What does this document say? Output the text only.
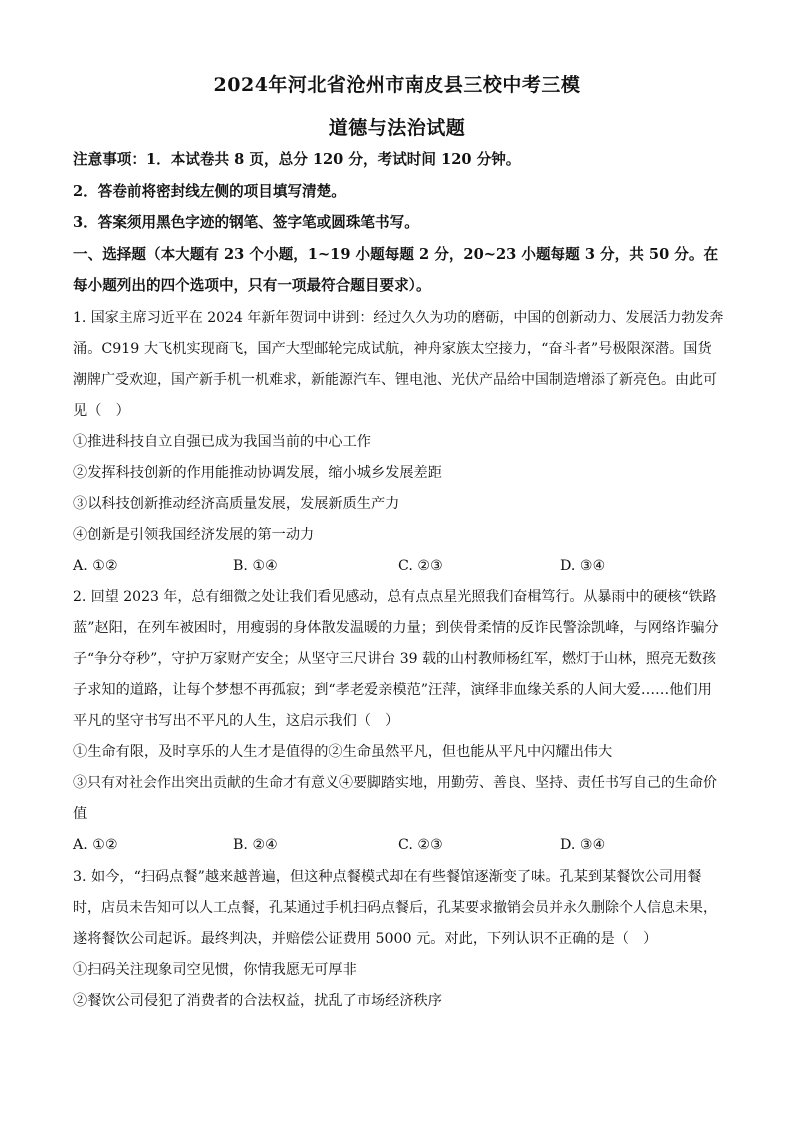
2024年河北省沧州市南皮县三校中考三模
道德与法治试题
注意事项：1．本试卷共 8 页，总分 120 分，考试时间 120 分钟。
2．答卷前将密封线左侧的项目填写清楚。
3．答案须用黑色字迹的钢笔、签字笔或圆珠笔书写。
一、选择题（本大题有 23 个小题，1~19 小题每题 2 分，20~23 小题每题 3 分，共 50 分。在
每小题列出的四个选项中，只有一项最符合题目要求）。
1. 国家主席习近平在 2024 年新年贺词中讲到：经过久久为功的磨砺，中国的创新动力、发展活力勃发奔
涌。C919 大飞机实现商飞，国产大型邮轮完成试航，神舟家族太空接力，“奋斗者”号极限深潜。国货
潮牌广受欢迎，国产新手机一机难求，新能源汽车、锂电池、光伏产品给中国制造增添了新亮色。由此可
见（　）
①推进科技自立自强已成为我国当前的中心工作
②发挥科技创新的作用能推动协调发展，缩小城乡发展差距
③以科技创新推动经济高质量发展，发展新质生产力
④创新是引领我国经济发展的第一动力
A. ①②	B. ①④	C. ②③	D. ③④
2. 回望 2023 年，总有细微之处让我们看见感动，总有点点星光照我们奋楫笃行。从暴雨中的硬核“铁路
蓝”赵阳，在列车被困时，用瘦弱的身体散发温暖的力量；到侠骨柔情的反诈民警涂凯峰，与网络诈骗分
子“争分夺秒”，守护万家财产安全；从坚守三尺讲台 39 载的山村教师杨红军，燃灯于山林，照亮无数孩
子求知的道路，让每个梦想不再孤寂；到“孝老爱亲模范”汪萍，演绎非血缘关系的人间大爱……他们用
平凡的坚守书写出不平凡的人生，这启示我们（　）
①生命有限，及时享乐的人生才是值得的②生命虽然平凡，但也能从平凡中闪耀出伟大
③只有对社会作出突出贡献的生命才有意义④要脚踏实地，用勤劳、善良、坚持、责任书写自己的生命价
值
A. ①②	B. ②④	C. ②③	D. ③④
3. 如今，“扫码点餐”越来越普遍，但这种点餐模式却在有些餐馆逐渐变了味。孔某到某餐饮公司用餐
时，店员未告知可以人工点餐，孔某通过手机扫码点餐后，孔某要求撤销会员并永久删除个人信息未果，
遂将餐饮公司起诉。最终判决，并赔偿公证费用 5000 元。对此，下列认识不正确的是（　）
①扫码关注现象司空见惯，你情我愿无可厚非
②餐饮公司侵犯了消费者的合法权益，扰乱了市场经济秩序
